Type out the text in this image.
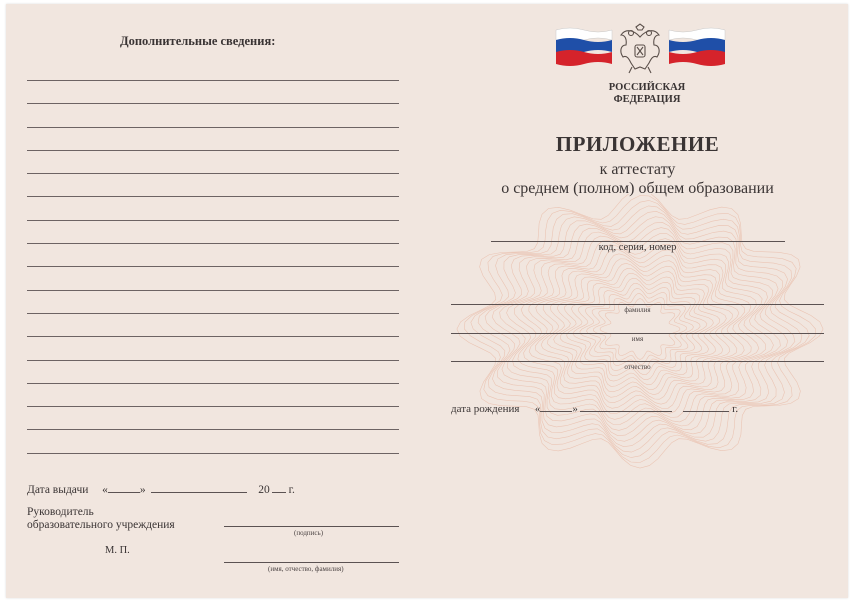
Дополнительные сведения:
Дата выдачи «	»	20 г.
Руководитель
образовательного учреждения
(подпись)
М. П.
(имя, отчество, фамилия)
РОССИЙСКАЯ
ФЕДЕРАЦИЯ
ПРИЛОЖЕНИЕ
к аттестату
о среднем (полном) общем образовании
код, серия, номер
фамилия
имя
отчество
дата рождения «	»	г.
